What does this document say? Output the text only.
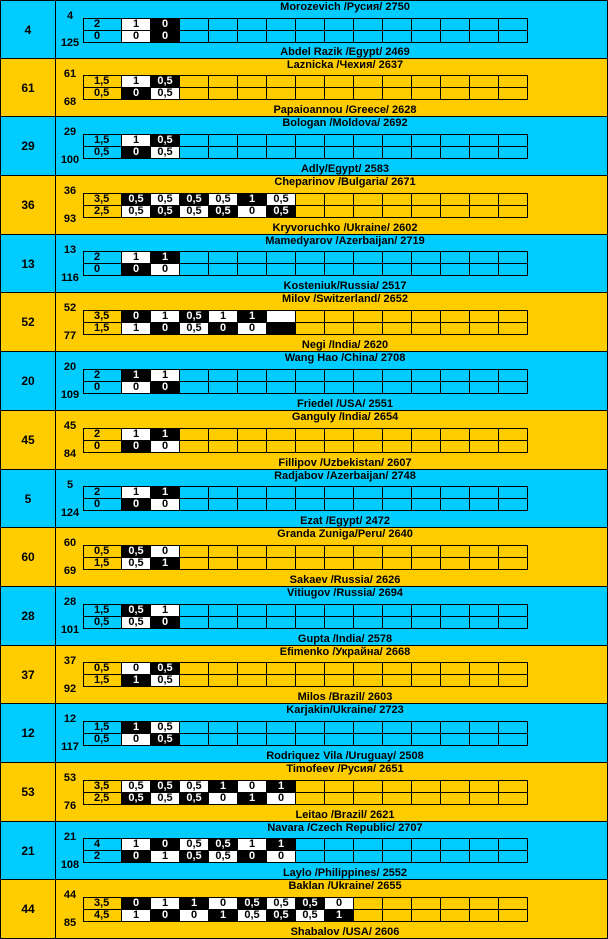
4
4
125
Morozevich /Русия/ 2750
Abdel Razik /Egypt/ 2469
2	1	0
0	0	0
61
61
68
Laznicka /Чехия/ 2637
Papaioannou /Greece/ 2628
1,5	1	0,5
0,5	0	0,5
29
29
100
Bologan /Moldova/ 2692
Adly/Egypt/ 2583
1,5	1	0,5
0,5	0	0,5
36
36
93
Cheparinov /Bulgaria/ 2671
Kryvoruchko /Ukraine/ 2602
3,5	0,5	0,5	0,5	0,5	1	0,5
2,5	0,5	0,5	0,5	0,5	0	0,5
13
13
116
Mamedyarov /Azerbaijan/ 2719
Kosteniuk/Russia/ 2517
2	1	1
0	0	0
52
52
77
Milov /Switzerland/ 2652
Negi /India/ 2620
3,5	0	1	0,5	1	1
1,5	1	0	0,5	0	0
20
20
109
Wang Hao /China/ 2708
Friedel /USA/ 2551
2	1	1
0	0	0
45
45
84
Ganguly /India/ 2654
Fillipov /Uzbekistan/ 2607
2	1	1
0	0	0
5
5
124
Radjabov /Azerbaijan/ 2748
Ezat /Egypt/ 2472
2	1	1
0	0	0
60
60
69
Granda Zuniga/Peru/ 2640
Sakaev /Russia/ 2626
0,5	0,5	0
1,5	0,5	1
28
28
101
Vitiugov /Russia/ 2694
Gupta /India/ 2578
1,5	0,5	1
0,5	0,5	0
37
37
92
Efimenko /Украйна/ 2668
Milos /Brazil/ 2603
0,5	0	0,5
1,5	1	0,5
12
12
117
Karjakin/Ukraine/ 2723
Rodriquez Vila /Uruguay/ 2508
1,5	1	0,5
0,5	0	0,5
53
53
76
Timofeev /Русия/ 2651
Leitao /Brazil/ 2621
3,5	0,5	0,5	0,5	1	0	1
2,5	0,5	0,5	0,5	0	1	0
21
21
108
Navara /Czech Republic/ 2707
Laylo /Philippines/ 2552
4	1	0	0,5	0,5	1	1
2	0	1	0,5	0,5	0	0
44
44
85
Baklan /Ukraine/ 2655
Shabalov /USA/ 2606
3,5	0	1	1	0	0,5	0,5	0,5	0
4,5	1	0	0	1	0,5	0,5	0,5	1
